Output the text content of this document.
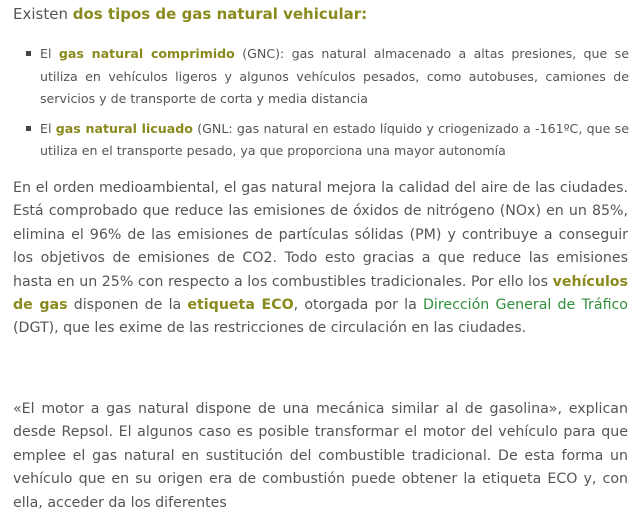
Existen dos tipos de gas natural vehicular:

El gas natural comprimido (GNC): gas natural almacenado a altas presiones, que se utiliza en vehículos ligeros y algunos vehículos pesados, como autobuses, camiones de servicios y de transporte de corta y media distancia
El gas natural licuado (GNL: gas natural en estado líquido y criogenizado a -161ºC, que se utiliza en el transporte pesado, ya que proporciona una mayor autonomía

En el orden medioambiental, el gas natural mejora la calidad del aire de las ciudades. Está comprobado que reduce las emisiones de óxidos de nitrógeno (NOx) en un 85%, elimina el 96% de las emisiones de partículas sólidas (PM) y contribuye a conseguir los objetivos de emisiones de CO2. Todo esto gracias a que reduce las emisiones hasta en un 25% con respecto a los combustibles tradicionales. Por ello los vehículos de gas disponen de la etiqueta ECO, otorgada por la Dirección General de Tráfico (DGT), que les exime de las restricciones de circulación en las ciudades.

«El motor a gas natural dispone de una mecánica similar al de gasolina», explican desde Repsol. El algunos caso es posible transformar el motor del vehículo para que emplee el gas natural en sustitución del combustible tradicional. De esta forma un vehículo que en su origen era de combustión puede obtener la etiqueta ECO y, con ella, acceder da los diferentes
